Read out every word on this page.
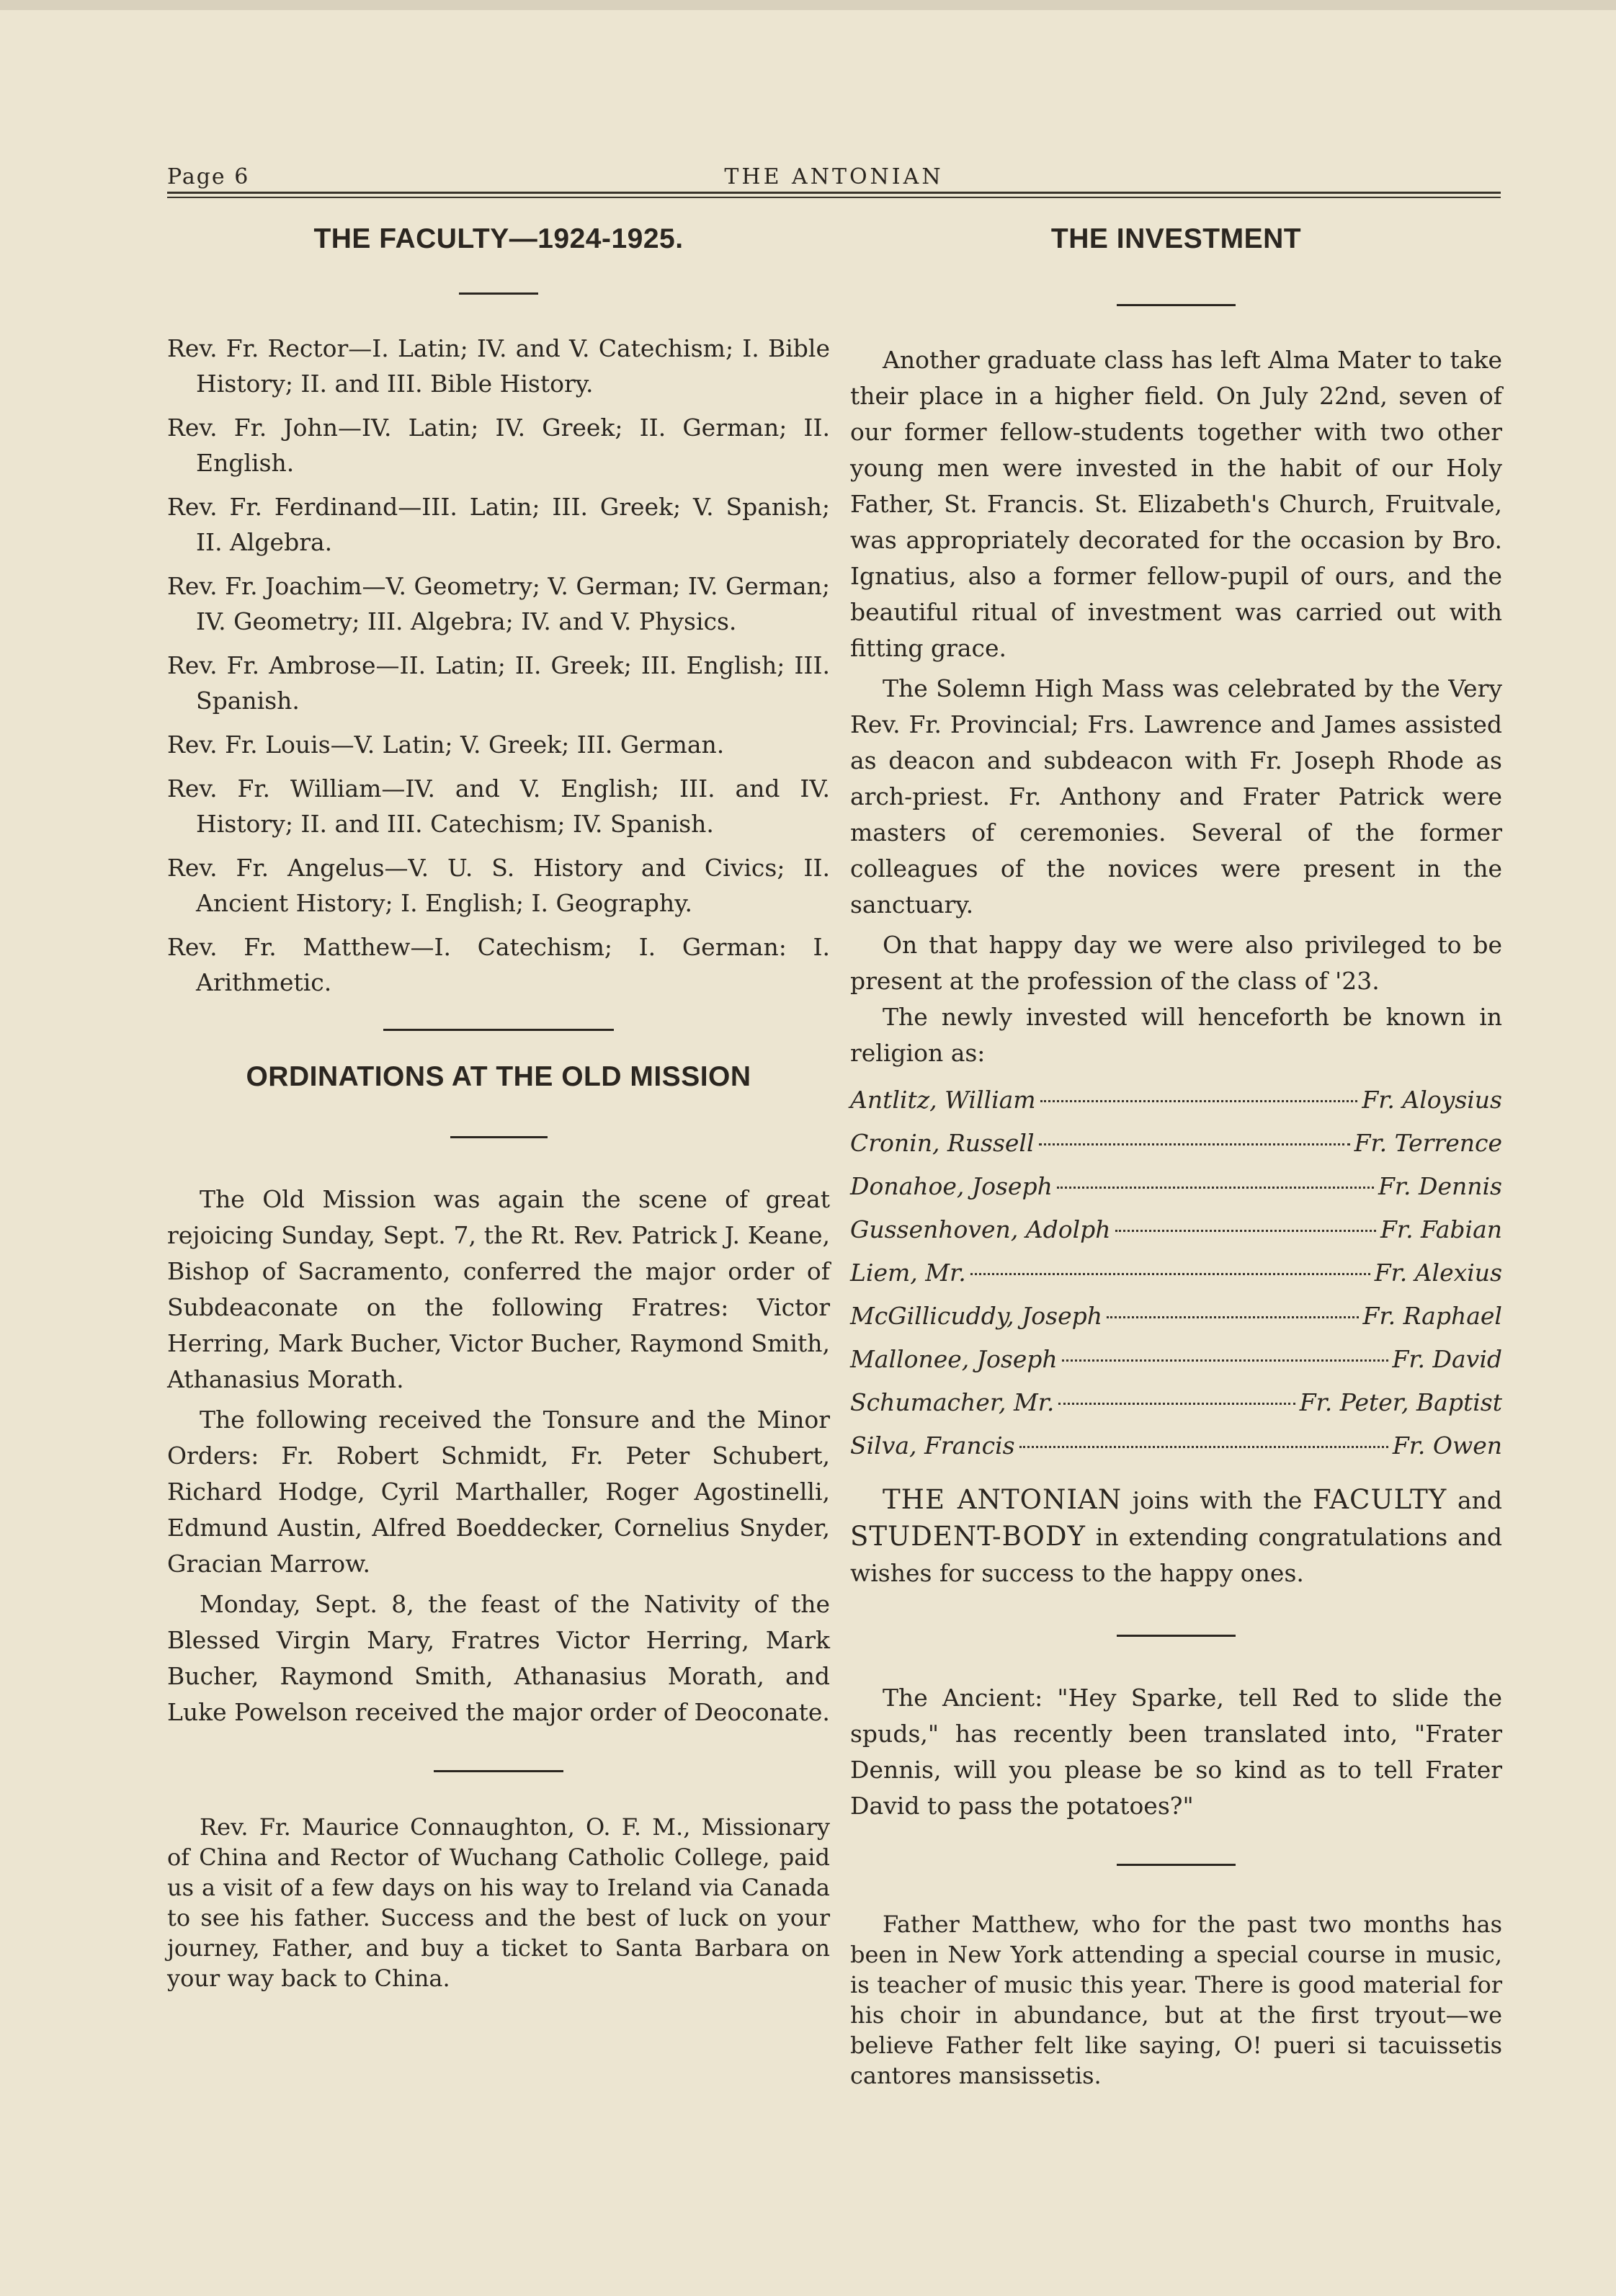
Page 6	THE ANTONIAN
THE FACULTY—1924-1925.

Rev. Fr. Rector—I. Latin; IV. and V. Catechism; I. Bible History; II. and III. Bible History.

Rev. Fr. John—IV. Latin; IV. Greek; II. German; II. English.

Rev. Fr. Ferdinand—III. Latin; III. Greek; V. Spanish; II. Algebra.

Rev. Fr. Joachim—V. Geometry; V. German; IV. German; IV. Geometry; III. Algebra; IV. and V. Physics.

Rev. Fr. Ambrose—II. Latin; II. Greek; III. English; III. Spanish.

Rev. Fr. Louis—V. Latin; V. Greek; III. German.

Rev. Fr. William—IV. and V. English; III. and IV. History; II. and III. Catechism; IV. Spanish.

Rev. Fr. Angelus—V. U. S. History and Civics; II. Ancient History; I. English; I. Geography.

Rev. Fr. Matthew—I. Catechism; I. German: I. Arithmetic.

ORDINATIONS AT THE OLD MISSION

The Old Mission was again the scene of great rejoicing Sunday, Sept. 7, the Rt. Rev. Patrick J. Keane, Bishop of Sacramento, conferred the major order of Subdeaconate on the following Fratres: Victor Herring, Mark Bucher, Victor Bucher, Raymond Smith, Athanasius Morath.

The following received the Tonsure and the Minor Orders: Fr. Robert Schmidt, Fr. Peter Schubert, Richard Hodge, Cyril Marthaller, Roger Agostinelli, Edmund Austin, Alfred Boeddecker, Cornelius Snyder, Gracian Marrow.

Monday, Sept. 8, the feast of the Nativity of the Blessed Virgin Mary, Fratres Victor Herring, Mark Bucher, Raymond Smith, Athanasius Morath, and Luke Powelson received the major order of Deoconate.

Rev. Fr. Maurice Connaughton, O. F. M., Missionary of China and Rector of Wuchang Catholic College, paid us a visit of a few days on his way to Ireland via Canada to see his father. Success and the best of luck on your journey, Father, and buy a ticket to Santa Barbara on your way back to China.

THE INVESTMENT

Another graduate class has left Alma Mater to take their place in a higher field. On July 22nd, seven of our former fellow-students together with two other young men were invested in the habit of our Holy Father, St. Francis. St. Elizabeth's Church, Fruitvale, was appropriately decorated for the occasion by Bro. Ignatius, also a former fellow-pupil of ours, and the beautiful ritual of investment was carried out with fitting grace.

The Solemn High Mass was celebrated by the Very Rev. Fr. Provincial; Frs. Lawrence and James assisted as deacon and subdeacon with Fr. Joseph Rhode as arch-priest. Fr. Anthony and Frater Patrick were masters of ceremonies. Several of the former colleagues of the novices were present in the sanctuary.

On that happy day we were also privileged to be present at the profession of the class of '23.

The newly invested will henceforth be known in religion as:

Antlitz, William	Fr. Aloysius
Cronin, Russell	Fr. Terrence
Donahoe, Joseph	Fr. Dennis
Gussenhoven, Adolph	Fr. Fabian
Liem, Mr.	Fr. Alexius
McGillicuddy, Joseph	Fr. Raphael
Mallonee, Joseph	Fr. David
Schumacher, Mr.	Fr. Peter, Baptist
Silva, Francis	Fr. Owen

THE ANTONIAN joins with the FACULTY and STUDENT-BODY in extending congratulations and wishes for success to the happy ones.

The Ancient: "Hey Sparke, tell Red to slide the spuds," has recently been translated into, "Frater Dennis, will you please be so kind as to tell Frater David to pass the potatoes?"

Father Matthew, who for the past two months has been in New York attending a special course in music, is teacher of music this year. There is good material for his choir in abundance, but at the first tryout—we believe Father felt like saying, O! pueri si tacuissetis cantores mansissetis.
